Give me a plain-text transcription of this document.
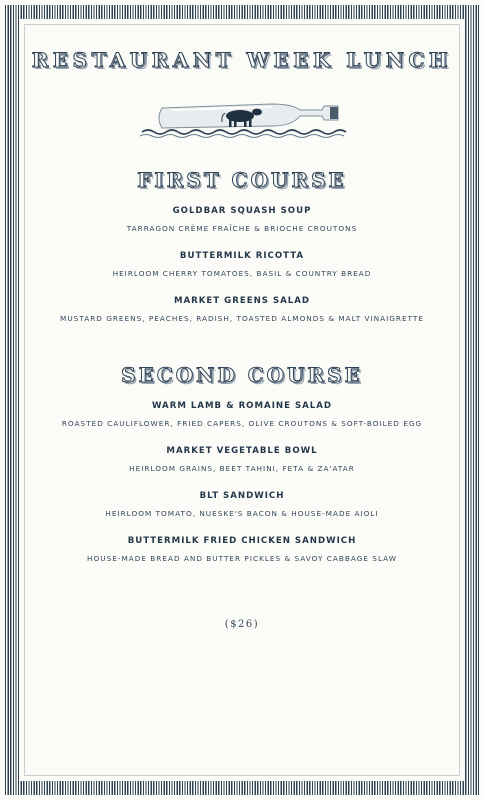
RESTAURANT WEEK LUNCH
FIRST COURSE
GOLDBAR SQUASH SOUP
TARRAGON CRÈME FRAÎCHE & BRIOCHE CROUTONS
BUTTERMILK RICOTTA
HEIRLOOM CHERRY TOMATOES, BASIL & COUNTRY BREAD
MARKET GREENS SALAD
MUSTARD GREENS, PEACHES, RADISH, TOASTED ALMONDS & MALT VINAIGRETTE
SECOND COURSE
WARM LAMB & ROMAINE SALAD
ROASTED CAULIFLOWER, FRIED CAPERS, OLIVE CROUTONS & SOFT-BOILED EGG
MARKET VEGETABLE BOWL
HEIRLOOM GRAINS, BEET TAHINI, FETA & ZA'ATAR
BLT SANDWICH
HEIRLOOM TOMATO, NUESKE'S BACON & HOUSE-MADE AIOLI
BUTTERMILK FRIED CHICKEN SANDWICH
HOUSE-MADE BREAD AND BUTTER PICKLES & SAVOY CABBAGE SLAW
($26)
